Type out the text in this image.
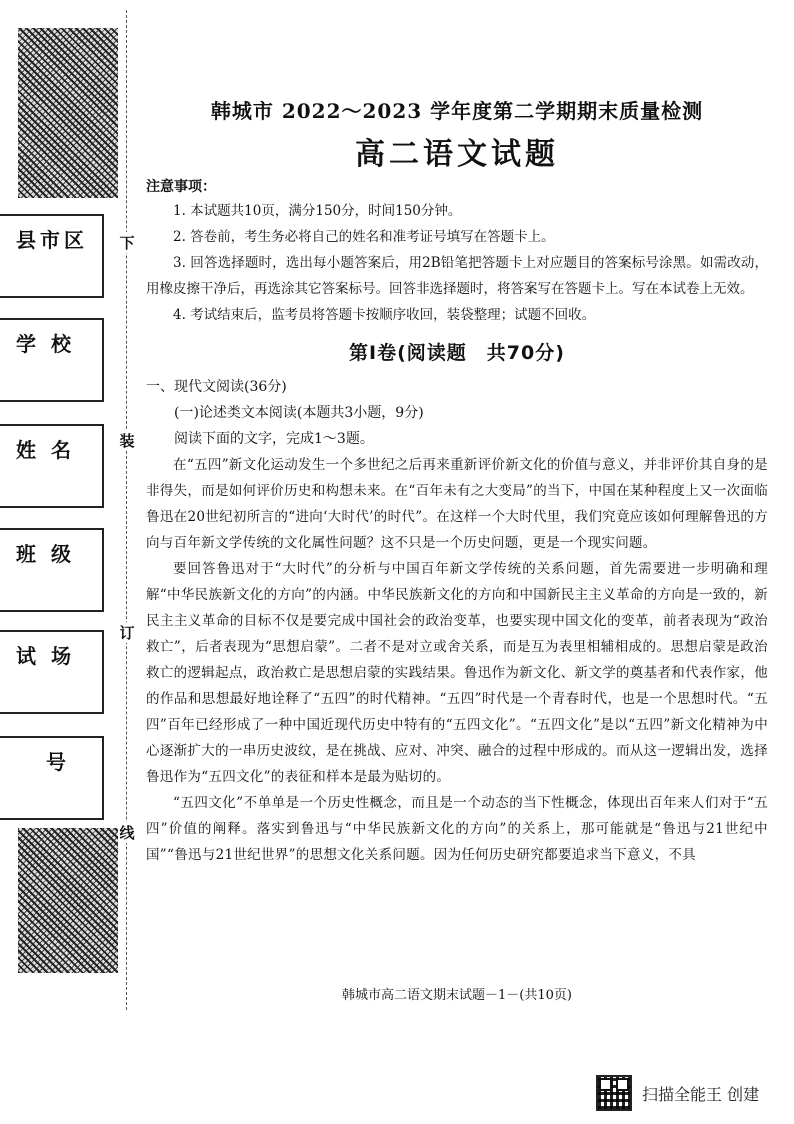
县市区
学 校
姓 名
班 级
试 场
号
下
装
订
线
韩城市 2022～2023 学年度第二学期期末质量检测
高二语文试题
注意事项：
1. 本试题共10页，满分150分，时间150分钟。
2. 答卷前，考生务必将自己的姓名和准考证号填写在答题卡上。
3. 回答选择题时，选出每小题答案后，用2B铅笔把答题卡上对应题目的答案标号涂黑。如需改动，用橡皮擦干净后，再选涂其它答案标号。回答非选择题时，将答案写在答题卡上。写在本试卷上无效。
4. 考试结束后，监考员将答题卡按顺序收回，装袋整理；试题不回收。
第Ⅰ卷(阅读题　共70分)
一、现代文阅读(36分)
(一)论述类文本阅读(本题共3小题，9分)
阅读下面的文字，完成1～3题。
在“五四”新文化运动发生一个多世纪之后再来重新评价新文化的价值与意义，并非评价其自身的是非得失，而是如何评价历史和构想未来。在“百年未有之大变局”的当下，中国在某种程度上又一次面临鲁迅在20世纪初所言的“进向‘大时代’的时代”。在这样一个大时代里，我们究竟应该如何理解鲁迅的方向与百年新文学传统的文化属性问题？这不只是一个历史问题，更是一个现实问题。
要回答鲁迅对于“大时代”的分析与中国百年新文学传统的关系问题，首先需要进一步明确和理解“中华民族新文化的方向”的内涵。中华民族新文化的方向和中国新民主主义革命的方向是一致的，新民主主义革命的目标不仅是要完成中国社会的政治变革，也要实现中国文化的变革，前者表现为“政治救亡”，后者表现为“思想启蒙”。二者不是对立或舍关系，而是互为表里相辅相成的。思想启蒙是政治救亡的逻辑起点，政治救亡是思想启蒙的实践结果。鲁迅作为新文化、新文学的奠基者和代表作家，他的作品和思想最好地诠释了“五四”的时代精神。“五四”时代是一个青春时代，也是一个思想时代。“五四”百年已经形成了一种中国近现代历史中特有的“五四文化”。“五四文化”是以“五四”新文化精神为中心逐渐扩大的一串历史波纹，是在挑战、应对、冲突、融合的过程中形成的。而从这一逻辑出发，选择鲁迅作为“五四文化”的表征和样本是最为贴切的。
“五四文化”不单单是一个历史性概念，而且是一个动态的当下性概念，体现出百年来人们对于“五四”价值的阐释。落实到鲁迅与“中华民族新文化的方向”的关系上，那可能就是“鲁迅与21世纪中国”“鲁迅与21世纪世界”的思想文化关系问题。因为任何历史研究都要追求当下意义，不具
韩城市高二语文期末试题－1－(共10页)
扫描全能王 创建
